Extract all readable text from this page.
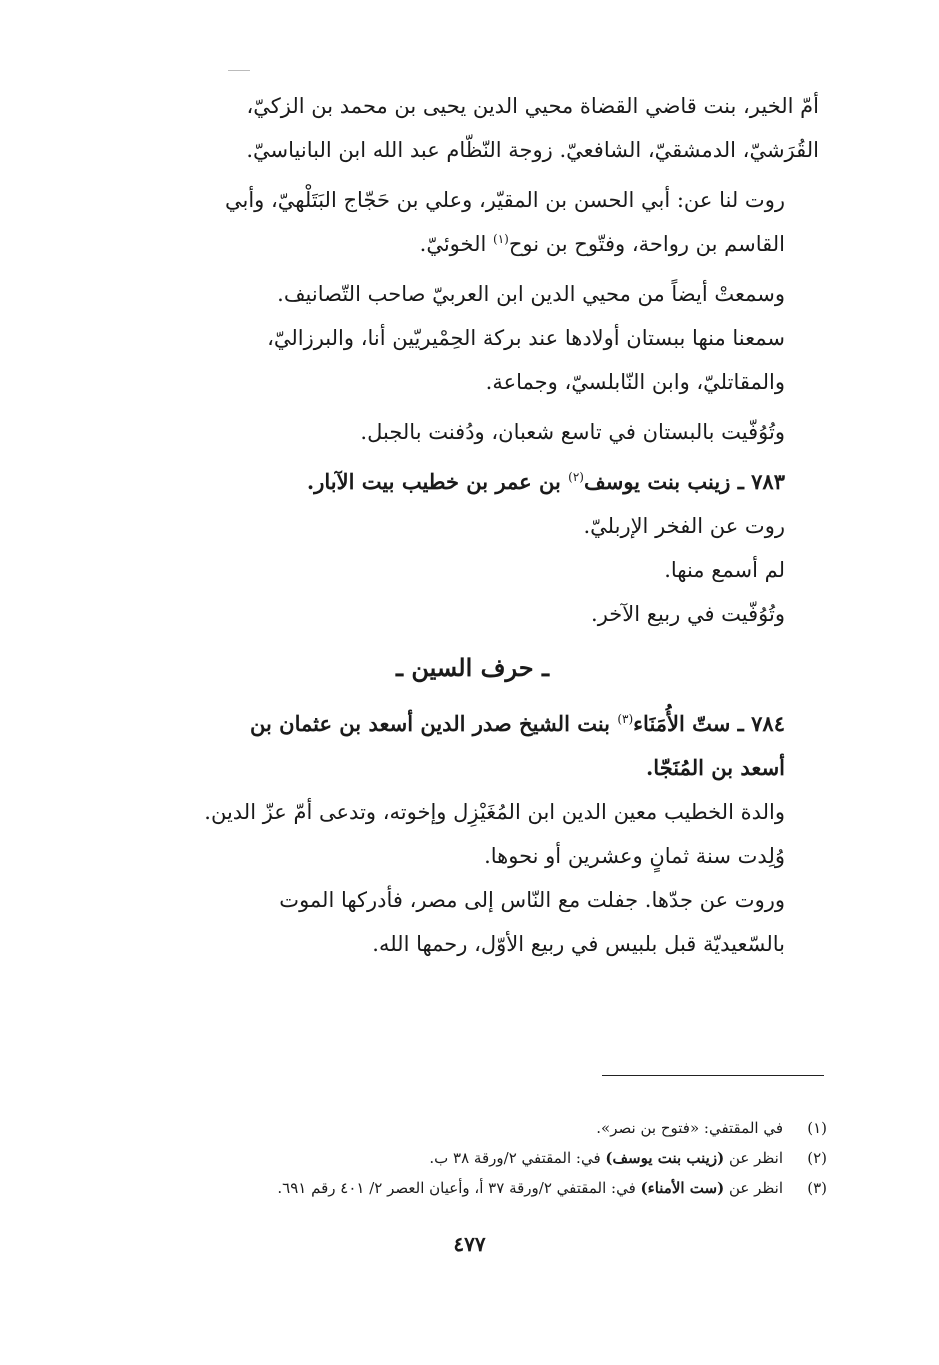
أمّ الخير، بنت قاضي القضاة محيي الدين يحيى بن محمد بن الزكيّ،
القُرَشيّ، الدمشقيّ، الشافعيّ. زوجة النّظّام عبد الله ابن البانياسيّ.

روت لنا عن: أبي الحسن بن المقيّر، وعلي بن حَجّاج البَتَلْهيّ، وأبي
القاسم بن رواحة، وفتّوح بن نوح$^{(١)}$ الخوئيّ.

وسمعتْ أيضاً من محيي الدين ابن العربيّ صاحب التّصانيف.

سمعنا منها ببستان أولادها عند بركة الحِمْيريّين أنا، والبرزاليّ،
والمقاتليّ، وابن النّابلسيّ، وجماعة.

وتُوُفّيت بالبستان في تاسع شعبان، ودُفنت بالجبل.

٧٨٣ ـ زينب بنت يوسف$^{(٢)}$ بن عمر بن خطيب بيت الآبار.

روت عن الفخر الإربليّ.
لم أسمع منها.
وتُوُفّيت في ربيع الآخر.

ـ حرف السين ـ

٧٨٤ ـ ستّ الأُمَنَاء$^{(٣)}$ بنت الشيخ صدر الدين أسعد بن عثمان بن
أسعد بن المُنَجّا.

والدة الخطيب معين الدين ابن المُغَيْزِل وإخوته، وتدعى أمّ عزّ الدين.
وُلِدت سنة ثمانٍ وعشرين أو نحوها.
وروت عن جدّها. جفلت مع النّاس إلى مصر، فأدركها الموت
بالسّعيديّة قبل بلبيس في ربيع الأوّل، رحمها الله.

(١)
في المقتفي: «فتوح بن نصر».
(٢)
انظر عن (زينب بنت يوسف) في: المقتفي ٢/ورقة ٣٨ ب.
(٣)
انظر عن (ست الأمناء) في: المقتفي ٢/ورقة ٣٧ أ، وأعيان العصر ٢/ ٤٠١ رقم ٦٩١.
٤٧٧
